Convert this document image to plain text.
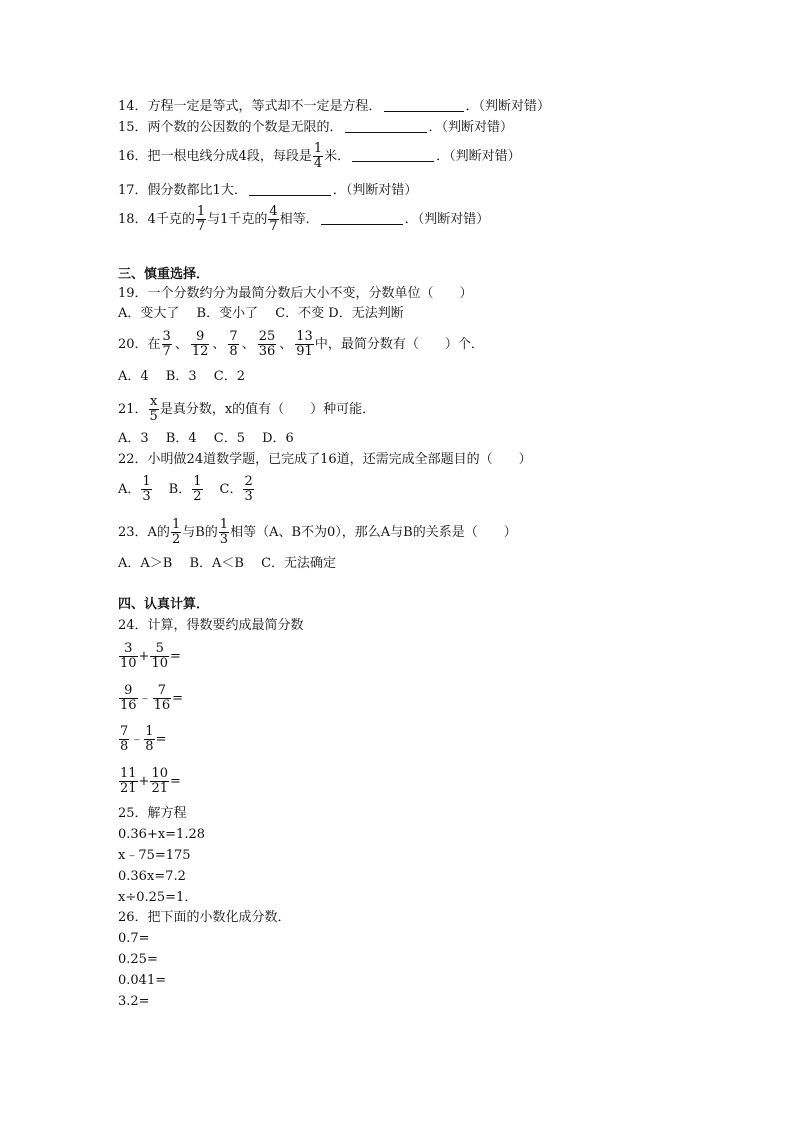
14．方程一定是等式，等式却不一定是方程．	．（判断对错）
15．两个数的公因数的个数是无限的．	．（判断对错）
16．把一根电线分成4段，每段是 $\frac{1}{4}$ 米．	．（判断对错）
17．假分数都比1大．	．（判断对错）
18．4千克的 $\frac{1}{7}$ 与1千克的 $\frac{4}{7}$ 相等．	．（判断对错）
三、慎重选择．
19．一个分数约分为最简分数后大小不变，分数单位（　　）
A．变大了　 B．变小了　 C．不变 D．无法判断
20．在 $\frac{3}{7}$ 、 $\frac{9}{12}$ 、 $\frac{7}{8}$ 、 $\frac{25}{36}$ 、 $\frac{13}{91}$ 中，最简分数有（　　）个．
A．4　 B．3　 C．2
21． $\frac{x}{5}$ 是真分数，x的值有（　　）种可能．
A．3　 B．4　 C．5　 D．6
22．小明做24道数学题，已完成了16道，还需完成全部题目的（　　）
A． $\frac{1}{3}$ B． $\frac{1}{2}$ C． $\frac{2}{3}$
23．A的 $\frac{1}{2}$ 与B的 $\frac{1}{3}$ 相等（A、B不为0），那么A与B的关系是（　　）
A．A＞B　 B．A＜B　 C．无法确定
四、认真计算．
24．计算，得数要约成最简分数
$\frac{3}{10} + \frac{5}{10}$ =
$\frac{9}{16}$ ﹣ $\frac{7}{16}$ =
$\frac{7}{8}$ ﹣ $\frac{1}{8}$ =
$\frac{11}{21} + \frac{10}{21}$ =
25．解方程
0.36+x=1.28
x﹣75=175
0.36x=7.2
x÷0.25=1．
26．把下面的小数化成分数．
0.7=
0.25=
0.041=
3.2=
